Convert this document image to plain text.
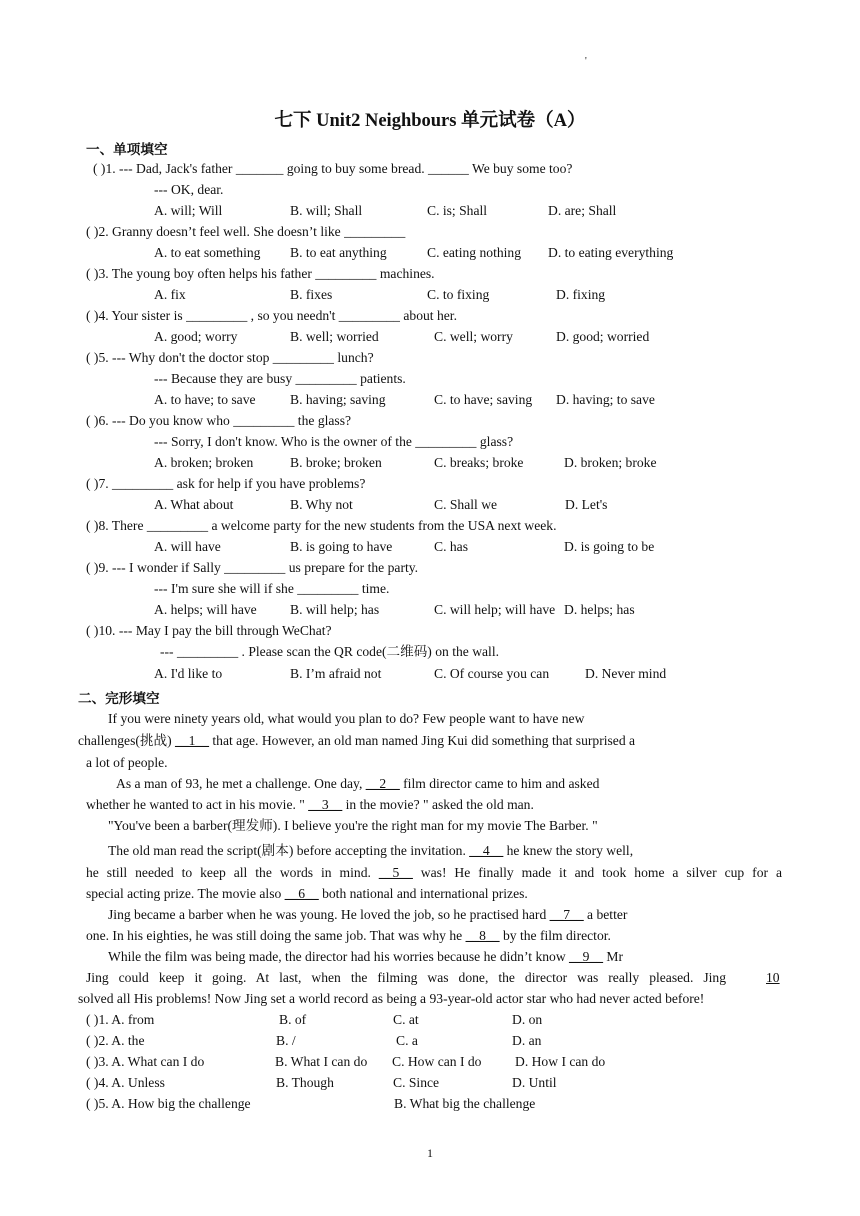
'
七下 Unit2 Neighbours 单元试卷（A）
一、单项填空
( )1. --- Dad, Jack's father _______ going to buy some bread. ______ We buy some too?
--- OK, dear.
A. will; Will	B. will; Shall	C. is; Shall	D. are; Shall
( )2. Granny doesn’t feel well. She doesn’t like _________
A. to eat something B. to eat anything	C. eating nothing D. to eating everything
( )3. The young boy often helps his father _________ machines.
A. fix	B. fixes	C. to fixing	D. fixing
( )4. Your sister is _________ , so you needn't _________ about her.
A. good; worry	B. well; worried	C. well; worry	D. good; worried
( )5. --- Why don't the doctor stop _________ lunch?
--- Because they are busy _________ patients.
A. to have; to save	B. having; saving	C. to have; saving D. having; to save
( )6. --- Do you know who _________ the glass?
--- Sorry, I don't know. Who is the owner of the _________ glass?
A. broken; broken	B. broke; broken	C. breaks; broke	D. broken; broke
( )7. _________ ask for help if you have problems?
A. What about	B. Why not	C. Shall we	D. Let's
( )8. There _________ a welcome party for the new students from the USA next week.
A. will have	B. is going to have	C. has	D. is going to be
( )9. --- I wonder if Sally _________ us prepare for the party.
--- I'm sure she will if she _________ time.
A. helps; will have B. will help; has	C. will help; will have D. helps; has
( )10. --- May I pay the bill through WeChat?
--- _________ . Please scan the QR code(二维码) on the wall.
A. I'd like to	B. I’m afraid not	C. Of course you can	D. Never mind
二、完形填空
If you were ninety years old, what would you plan to do? Few people want to have new
challenges(挑战) __1__ that age. However, an old man named Jing Kui did something that surprised a
a lot of people.
As a man of 93, he met a challenge. One day, __2__ film director came to him and asked
whether he wanted to act in his movie. " __3__ in the movie? " asked the old man.
"You've been a barber(理发师). I believe you're the right man for my movie The Barber. "
The old man read the script(剧本) before accepting the invitation. __4__ he knew the story well,
he still needed to keep all the words in mind. __5__ was! He finally made it and took home a silver cup for a
special acting prize. The movie also __6__ both national and international prizes.
Jing became a barber when he was young. He loved the job, so he practised hard __7__ a better
one. In his eighties, he was still doing the same job. That was why he __8__ by the film director.
While the film was being made, the director had his worries because he didn’t know __9__ Mr
Jing could keep it going. At last, when the filming was done, the director was really pleased. Jing	10
solved all His problems! Now Jing set a world record as being a 93-year-old actor star who had never acted before!
( )1. A. from	B. of	C. at	D. on
( )2. A. the	B. /	C. a	D. an
( )3. A. What can I do	B. What I can do C. How can I do D. How I can do
( )4. A. Unless	B. Though	C. Since	D. Until
( )5. A. How big the challenge	B. What big the challenge
1
